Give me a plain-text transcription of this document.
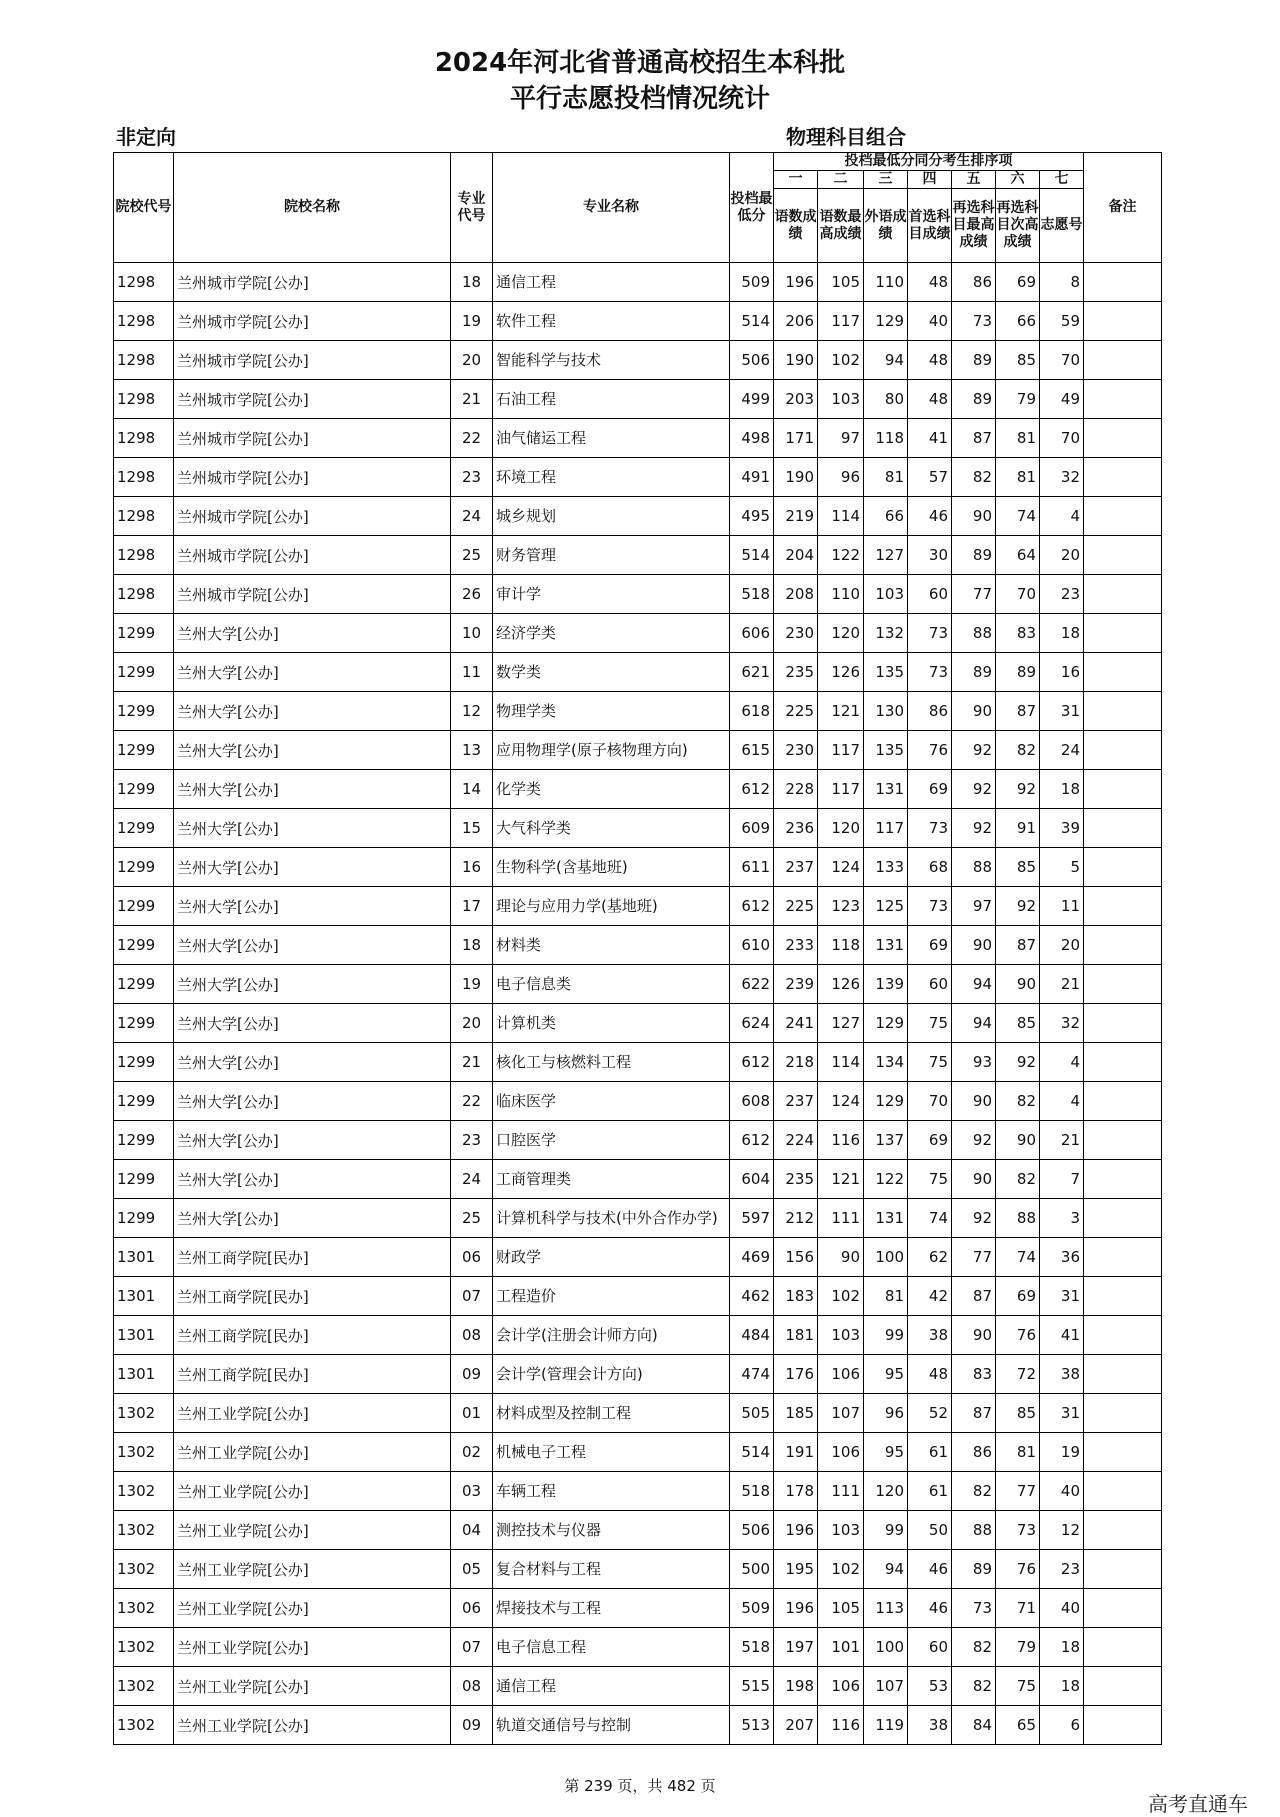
2024年河北省普通高校招生本科批
平行志愿投档情况统计
非定向	物理科目组合
院校代号	院校名称	专业代号	专业名称	投档最低分	投档最低分同分考生排序项							备注
					一	二	三	四	五	六	七	
					语数成绩	语数最高成绩	外语成绩	首选科目成绩	再选科目最高成绩	再选科目次高成绩	志愿号	
1298	兰州城市学院[公办]	18	通信工程	509	196	105	110	48	86	69	8	
1298	兰州城市学院[公办]	19	软件工程	514	206	117	129	40	73	66	59	
1298	兰州城市学院[公办]	20	智能科学与技术	506	190	102	94	48	89	85	70	
1298	兰州城市学院[公办]	21	石油工程	499	203	103	80	48	89	79	49	
1298	兰州城市学院[公办]	22	油气储运工程	498	171	97	118	41	87	81	70	
1298	兰州城市学院[公办]	23	环境工程	491	190	96	81	57	82	81	32	
1298	兰州城市学院[公办]	24	城乡规划	495	219	114	66	46	90	74	4	
1298	兰州城市学院[公办]	25	财务管理	514	204	122	127	30	89	64	20	
1298	兰州城市学院[公办]	26	审计学	518	208	110	103	60	77	70	23	
1299	兰州大学[公办]	10	经济学类	606	230	120	132	73	88	83	18	
1299	兰州大学[公办]	11	数学类	621	235	126	135	73	89	89	16	
1299	兰州大学[公办]	12	物理学类	618	225	121	130	86	90	87	31	
1299	兰州大学[公办]	13	应用物理学(原子核物理方向)	615	230	117	135	76	92	82	24	
1299	兰州大学[公办]	14	化学类	612	228	117	131	69	92	92	18	
1299	兰州大学[公办]	15	大气科学类	609	236	120	117	73	92	91	39	
1299	兰州大学[公办]	16	生物科学(含基地班)	611	237	124	133	68	88	85	5	
1299	兰州大学[公办]	17	理论与应用力学(基地班)	612	225	123	125	73	97	92	11	
1299	兰州大学[公办]	18	材料类	610	233	118	131	69	90	87	20	
1299	兰州大学[公办]	19	电子信息类	622	239	126	139	60	94	90	21	
1299	兰州大学[公办]	20	计算机类	624	241	127	129	75	94	85	32	
1299	兰州大学[公办]	21	核化工与核燃料工程	612	218	114	134	75	93	92	4	
1299	兰州大学[公办]	22	临床医学	608	237	124	129	70	90	82	4	
1299	兰州大学[公办]	23	口腔医学	612	224	116	137	69	92	90	21	
1299	兰州大学[公办]	24	工商管理类	604	235	121	122	75	90	82	7	
1299	兰州大学[公办]	25	计算机科学与技术(中外合作办学)	597	212	111	131	74	92	88	3	
1301	兰州工商学院[民办]	06	财政学	469	156	90	100	62	77	74	36	
1301	兰州工商学院[民办]	07	工程造价	462	183	102	81	42	87	69	31	
1301	兰州工商学院[民办]	08	会计学(注册会计师方向)	484	181	103	99	38	90	76	41	
1301	兰州工商学院[民办]	09	会计学(管理会计方向)	474	176	106	95	48	83	72	38	
1302	兰州工业学院[公办]	01	材料成型及控制工程	505	185	107	96	52	87	85	31	
1302	兰州工业学院[公办]	02	机械电子工程	514	191	106	95	61	86	81	19	
1302	兰州工业学院[公办]	03	车辆工程	518	178	111	120	61	82	77	40	
1302	兰州工业学院[公办]	04	测控技术与仪器	506	196	103	99	50	88	73	12	
1302	兰州工业学院[公办]	05	复合材料与工程	500	195	102	94	46	89	76	23	
1302	兰州工业学院[公办]	06	焊接技术与工程	509	196	105	113	46	73	71	40	
1302	兰州工业学院[公办]	07	电子信息工程	518	197	101	100	60	82	79	18	
1302	兰州工业学院[公办]	08	通信工程	515	198	106	107	53	82	75	18	
1302	兰州工业学院[公办]	09	轨道交通信号与控制	513	207	116	119	38	84	65	6	
第 239 页，共 482 页
高考直通车
